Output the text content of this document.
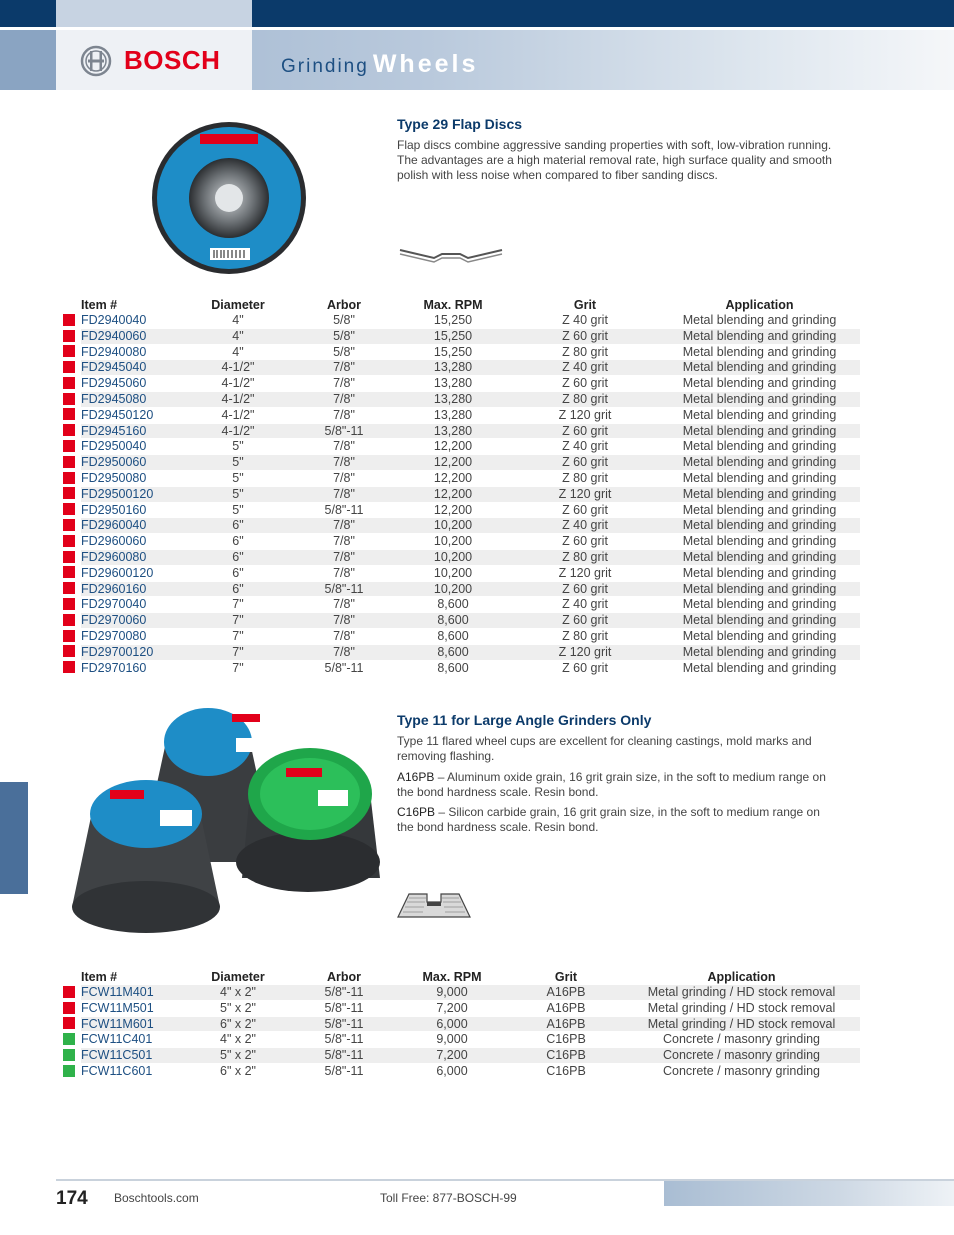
BOSCH	Grinding Wheels
Type 29 Flap Discs
Flap discs combine aggressive sanding properties with soft, low-vibration running. The advantages are a high material removal rate, high surface quality and smooth polish with less noise when compared to fiber sanding discs.
	Item #	Diameter	Arbor	Max. RPM	Grit	Application
	FD2940040	4"	5/8"	15,250	Z 40 grit	Metal blending and grinding
	FD2940060	4"	5/8"	15,250	Z 60 grit	Metal blending and grinding
	FD2940080	4"	5/8"	15,250	Z 80 grit	Metal blending and grinding
	FD2945040	4-1/2"	7/8"	13,280	Z 40 grit	Metal blending and grinding
	FD2945060	4-1/2"	7/8"	13,280	Z 60 grit	Metal blending and grinding
	FD2945080	4-1/2"	7/8"	13,280	Z 80 grit	Metal blending and grinding
	FD29450120	4-1/2"	7/8"	13,280	Z 120 grit	Metal blending and grinding
	FD2945160	4-1/2"	5/8"-11	13,280	Z 60 grit	Metal blending and grinding
	FD2950040	5"	7/8"	12,200	Z 40 grit	Metal blending and grinding
	FD2950060	5"	7/8"	12,200	Z 60 grit	Metal blending and grinding
	FD2950080	5"	7/8"	12,200	Z 80 grit	Metal blending and grinding
	FD29500120	5"	7/8"	12,200	Z 120 grit	Metal blending and grinding
	FD2950160	5"	5/8"-11	12,200	Z 60 grit	Metal blending and grinding
	FD2960040	6"	7/8"	10,200	Z 40 grit	Metal blending and grinding
	FD2960060	6"	7/8"	10,200	Z 60 grit	Metal blending and grinding
	FD2960080	6"	7/8"	10,200	Z 80 grit	Metal blending and grinding
	FD29600120	6"	7/8"	10,200	Z 120 grit	Metal blending and grinding
	FD2960160	6"	5/8"-11	10,200	Z 60 grit	Metal blending and grinding
	FD2970040	7"	7/8"	8,600	Z 40 grit	Metal blending and grinding
	FD2970060	7"	7/8"	8,600	Z 60 grit	Metal blending and grinding
	FD2970080	7"	7/8"	8,600	Z 80 grit	Metal blending and grinding
	FD29700120	7"	7/8"	8,600	Z 120 grit	Metal blending and grinding
	FD2970160	7"	5/8"-11	8,600	Z 60 grit	Metal blending and grinding
Type 11 for Large Angle Grinders Only
Type 11 flared wheel cups are excellent for cleaning castings, mold marks and removing flashing.
A16PB – Aluminum oxide grain, 16 grit grain size, in the soft to medium range on the bond hardness scale. Resin bond.
C16PB – Silicon carbide grain, 16 grit grain size, in the soft to medium range on the bond hardness scale. Resin bond.
	Item #	Diameter	Arbor	Max. RPM	Grit	Application
	FCW11M401	4" x 2"	5/8"-11	9,000	A16PB	Metal grinding / HD stock removal
	FCW11M501	5" x 2"	5/8"-11	7,200	A16PB	Metal grinding / HD stock removal
	FCW11M601	6" x 2"	5/8"-11	6,000	A16PB	Metal grinding / HD stock removal
	FCW11C401	4" x 2"	5/8"-11	9,000	C16PB	Concrete / masonry grinding
	FCW11C501	5" x 2"	5/8"-11	7,200	C16PB	Concrete / masonry grinding
	FCW11C601	6" x 2"	5/8"-11	6,000	C16PB	Concrete / masonry grinding
174 Boschtools.com	Toll Free: 877-BOSCH-99
